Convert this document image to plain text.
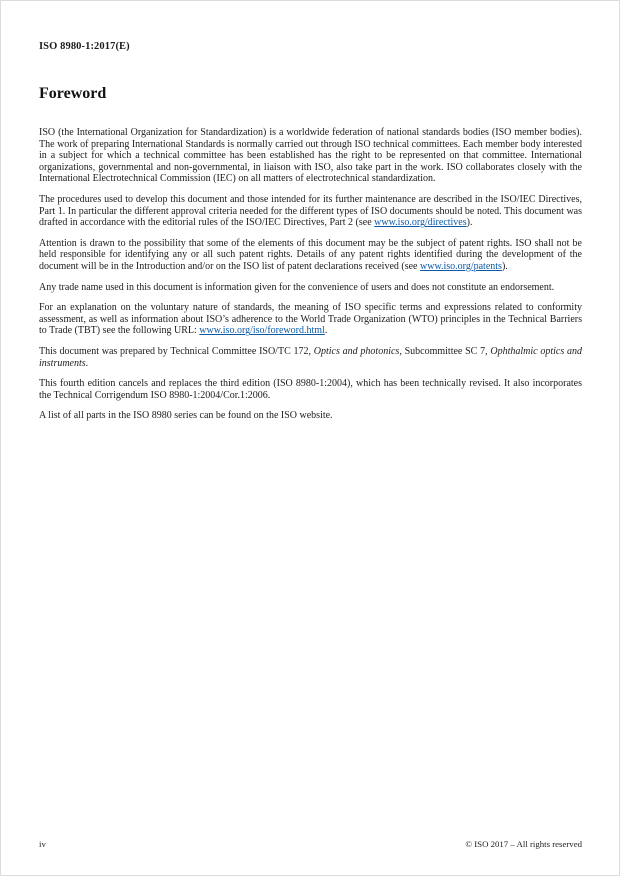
ISO 8980-1:2017(E)
Foreword

ISO (the International Organization for Standardization) is a worldwide federation of national standards bodies (ISO member bodies). The work of preparing International Standards is normally carried out through ISO technical committees. Each member body interested in a subject for which a technical committee has been established has the right to be represented on that committee. International organizations, governmental and non-governmental, in liaison with ISO, also take part in the work. ISO collaborates closely with the International Electrotechnical Commission (IEC) on all matters of electrotechnical standardization.

The procedures used to develop this document and those intended for its further maintenance are described in the ISO/IEC Directives, Part 1. In particular the different approval criteria needed for the different types of ISO documents should be noted. This document was drafted in accordance with the editorial rules of the ISO/IEC Directives, Part 2 (see www.iso.org/directives).

Attention is drawn to the possibility that some of the elements of this document may be the subject of patent rights. ISO shall not be held responsible for identifying any or all such patent rights. Details of any patent rights identified during the development of the document will be in the Introduction and/or on the ISO list of patent declarations received (see www.iso.org/patents).

Any trade name used in this document is information given for the convenience of users and does not constitute an endorsement.

For an explanation on the voluntary nature of standards, the meaning of ISO specific terms and expressions related to conformity assessment, as well as information about ISO’s adherence to the World Trade Organization (WTO) principles in the Technical Barriers to Trade (TBT) see the following URL: www.iso.org/iso/foreword.html.

This document was prepared by Technical Committee ISO/TC 172, Optics and photonics, Subcommittee SC 7, Ophthalmic optics and instruments.

This fourth edition cancels and replaces the third edition (ISO 8980-1:2004), which has been technically revised. It also incorporates the Technical Corrigendum ISO 8980-1:2004/Cor.1:2006.

A list of all parts in the ISO 8980 series can be found on the ISO website.

iv	© ISO 2017 – All rights reserved
